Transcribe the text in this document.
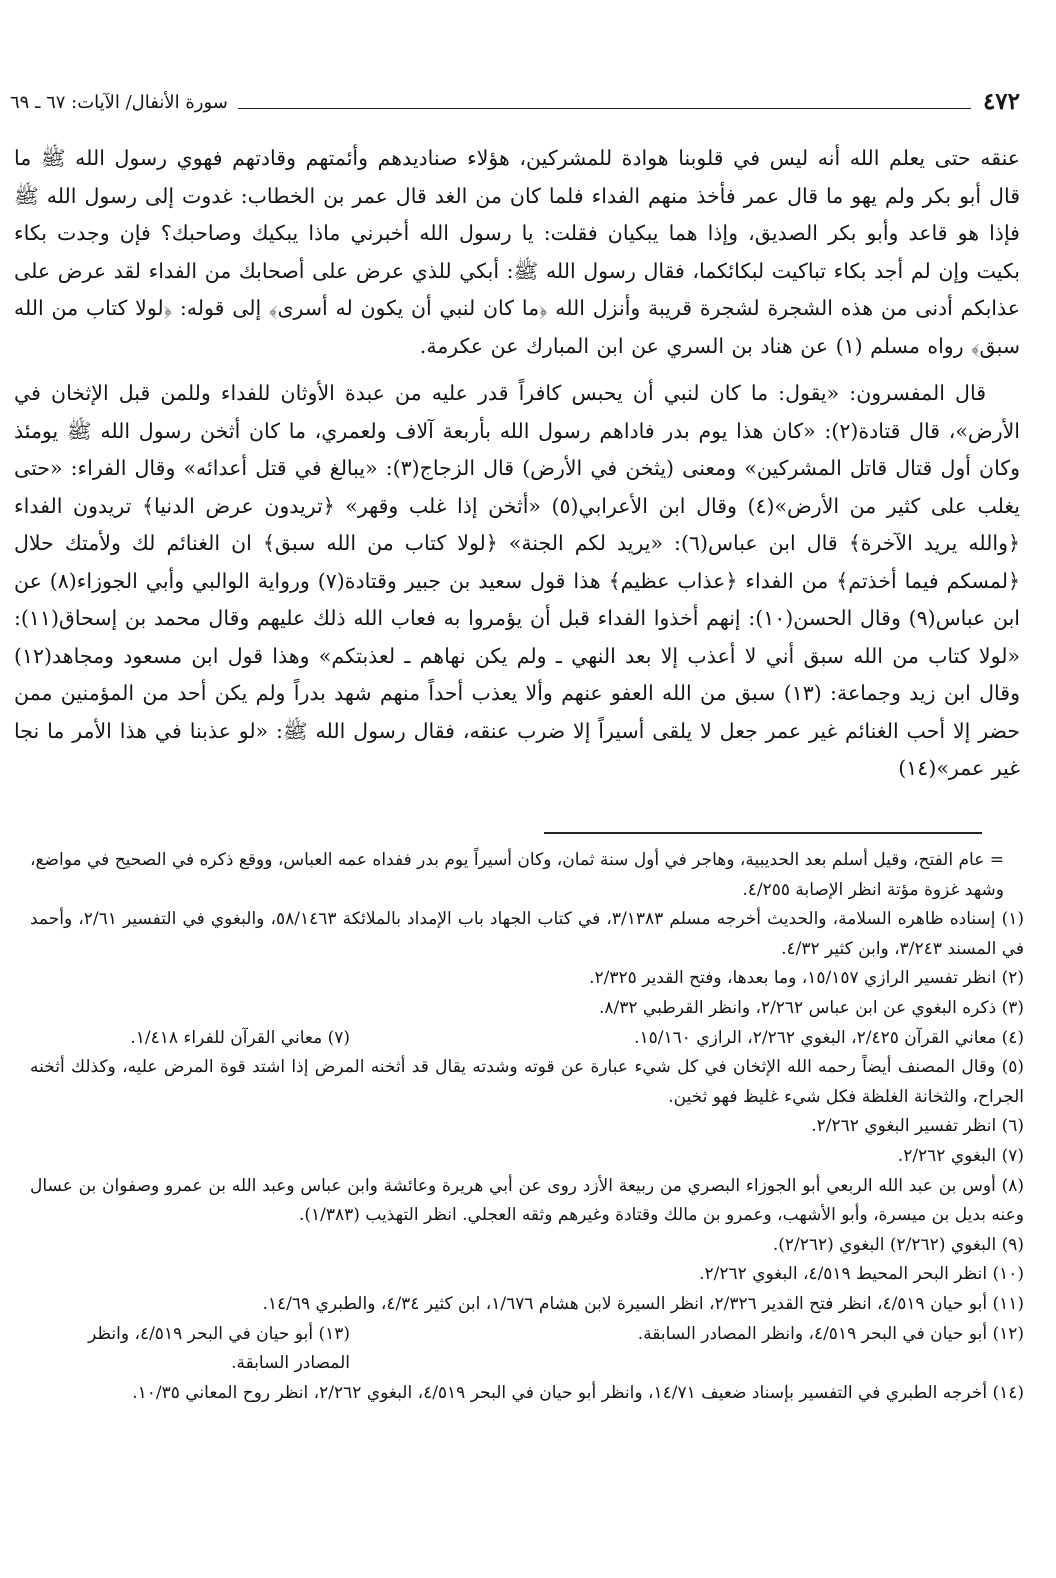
٤٧٢
سورة الأنفال/ الآيات: ٦٧ ـ ٦٩

عنقه حتى يعلم الله أنه ليس في قلوبنا هوادة للمشركين، هؤلاء صناديدهم وأئمتهم وقادتهم فهوي رسول الله ﷺ ما قال أبو بكر ولم يهو ما قال عمر فأخذ منهم الفداء فلما كان من الغد قال عمر بن الخطاب: غدوت إلى رسول الله ﷺ فإذا هو قاعد وأبو بكر الصديق، وإذا هما يبكيان فقلت: يا رسول الله أخبرني ماذا يبكيك وصاحبك؟ فإن وجدت بكاء بكيت وإن لم أجد بكاء تباكيت لبكائكما، فقال رسول الله ﷺ: أبكي للذي عرض على أصحابك من الفداء لقد عرض على عذابكم أدنى من هذه الشجرة لشجرة قريبة وأنزل الله ﴿ما كان لنبي أن يكون له أسرى﴾ إلى قوله: ﴿لولا كتاب من الله سبق﴾ رواه مسلم (١) عن هناد بن السري عن ابن المبارك عن عكرمة.

قال المفسرون: «يقول: ما كان لنبي أن يحبس كافراً قدر عليه من عبدة الأوثان للفداء وللمن قبل الإثخان في الأرض»، قال قتادة(٢): «كان هذا يوم بدر فاداهم رسول الله بأربعة آلاف ولعمري، ما كان أثخن رسول الله ﷺ يومئذ وكان أول قتال قاتل المشركين» ومعنى (يثخن في الأرض) قال الزجاج(٣): «يبالغ في قتل أعدائه» وقال الفراء: «حتى يغلب على كثير من الأرض»(٤) وقال ابن الأعرابي(٥) «أثخن إذا غلب وقهر» ﴿تريدون عرض الدنيا﴾ تريدون الفداء ﴿والله يريد الآخرة﴾ قال ابن عباس(٦): «يريد لكم الجنة» ﴿لولا كتاب من الله سبق﴾ ان الغنائم لك ولأمتك حلال ﴿لمسكم فيما أخذتم﴾ من الفداء ﴿عذاب عظيم﴾ هذا قول سعيد بن جبير وقتادة(٧) ورواية الوالبي وأبي الجوزاء(٨) عن ابن عباس(٩) وقال الحسن(١٠): إنهم أخذوا الفداء قبل أن يؤمروا به فعاب الله ذلك عليهم وقال محمد بن إسحاق(١١): «لولا كتاب من الله سبق أني لا أعذب إلا بعد النهي ـ ولم يكن نهاهم ـ لعذبتكم» وهذا قول ابن مسعود ومجاهد(١٢) وقال ابن زيد وجماعة: (١٣) سبق من الله العفو عنهم وألا يعذب أحداً منهم شهد بدراً ولم يكن أحد من المؤمنين ممن حضر إلا أحب الغنائم غير عمر جعل لا يلقى أسيراً إلا ضرب عنقه، فقال رسول الله ﷺ: «لو عذبنا في هذا الأمر ما نجا غير عمر»(١٤)

= عام الفتح، وقيل أسلم بعد الحديبية، وهاجر في أول سنة ثمان، وكان أسيراً يوم بدر ففداه عمه العباس، ووقع ذكره في الصحيح في مواضع، وشهد غزوة مؤتة انظر الإصابة ٤/٢٥٥.

(١) إسناده ظاهره السلامة، والحديث أخرجه مسلم ٣/١٣٨٣، في كتاب الجهاد باب الإمداد بالملائكة ٥٨/١٤٦٣، والبغوي في التفسير ٢/٦١، وأحمد في المسند ٣/٢٤٣، وابن كثير ٤/٣٢.

(٢) انظر تفسير الرازي ١٥/١٥٧، وما بعدها، وفتح القدير ٢/٣٢٥.

(٣) ذكره البغوي عن ابن عباس ٢/٢٦٢، وانظر القرطبي ٨/٣٢.

(٤) معاني القرآن ٢/٤٢٥، البغوي ٢/٢٦٢، الرازي ١٥/١٦٠.
(٧) معاني القرآن للفراء ١/٤١٨.

(٥) وقال المصنف أيضاً رحمه الله الإثخان في كل شيء عبارة عن قوته وشدته يقال قد أثخنه المرض إذا اشتد قوة المرض عليه، وكذلك أثخنه الجراح، والثخانة الغلظة فكل شيء غليظ فهو ثخين.

(٦) انظر تفسير البغوي ٢/٢٦٢.

(٧) البغوي ٢/٢٦٢.

(٨) أوس بن عبد الله الربعي أبو الجوزاء البصري من ربيعة الأزد روى عن أبي هريرة وعائشة وابن عباس وعبد الله بن عمرو وصفوان بن عسال وعنه بديل بن ميسرة، وأبو الأشهب، وعمرو بن مالك وقتادة وغيرهم وثقه العجلي. انظر التهذيب (١/٣٨٣).

(٩) البغوي (٢/٢٦٢) البغوي (٢/٢٦٢).

(١٠) انظر البحر المحيط ٤/٥١٩، البغوي ٢/٢٦٢.

(١١) أبو حيان ٤/٥١٩، انظر فتح القدير ٢/٣٢٦، انظر السيرة لابن هشام ١/٦٧٦، ابن كثير ٤/٣٤، والطبري ١٤/٦٩.

(١٢) أبو حيان في البحر ٤/٥١٩، وانظر المصادر السابقة.
(١٣) أبو حيان في البحر ٤/٥١٩، وانظر المصادر السابقة.

(١٤) أخرجه الطبري في التفسير بإسناد ضعيف ١٤/٧١، وانظر أبو حيان في البحر ٤/٥١٩، البغوي ٢/٢٦٢، انظر روح المعاني ١٠/٣٥.
